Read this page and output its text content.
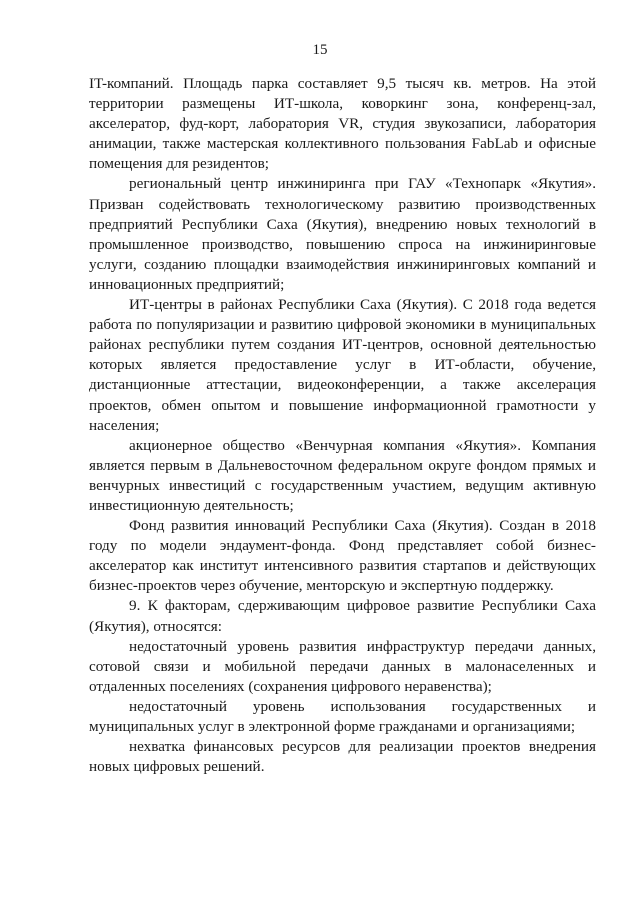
15

IT-компаний. Площадь парка составляет 9,5 тысяч кв. метров. На этой территории размещены ИТ-школа, коворкинг зона, конференц-зал, акселератор, фуд-корт, лаборатория VR, студия звукозаписи, лаборатория анимации, также мастерская коллективного пользования FabLab и офисные помещения для резидентов;

региональный центр инжиниринга при ГАУ «Технопарк «Якутия». Призван содействовать технологическому развитию производственных предприятий Республики Саха (Якутия), внедрению новых технологий в промышленное производство, повышению спроса на инжиниринговые услуги, созданию площадки взаимодействия инжиниринговых компаний и инновационных предприятий;

ИТ-центры в районах Республики Саха (Якутия). С 2018 года ведется работа по популяризации и развитию цифровой экономики в муниципальных районах республики путем создания ИТ-центров, основной деятельностью которых является предоставление услуг в ИТ-области, обучение, дистанционные аттестации, видеоконференции, а также акселерация проектов, обмен опытом и повышение информационной грамотности у населения;

акционерное общество «Венчурная компания «Якутия». Компания является первым в Дальневосточном федеральном округе фондом прямых и венчурных инвестиций с государственным участием, ведущим активную инвестиционную деятельность;

Фонд развития инноваций Республики Саха (Якутия). Создан в 2018 году по модели эндаумент-фонда. Фонд представляет собой бизнес-акселератор как институт интенсивного развития стартапов и действующих бизнес-проектов через обучение, менторскую и экспертную поддержку.

9. К факторам, сдерживающим цифровое развитие Республики Саха (Якутия), относятся:

недостаточный уровень развития инфраструктур передачи данных, сотовой связи и мобильной передачи данных в малонаселенных и отдаленных поселениях (сохранения цифрового неравенства);

недостаточный уровень использования государственных и муниципальных услуг в электронной форме гражданами и организациями;

нехватка финансовых ресурсов для реализации проектов внедрения новых цифровых решений.
